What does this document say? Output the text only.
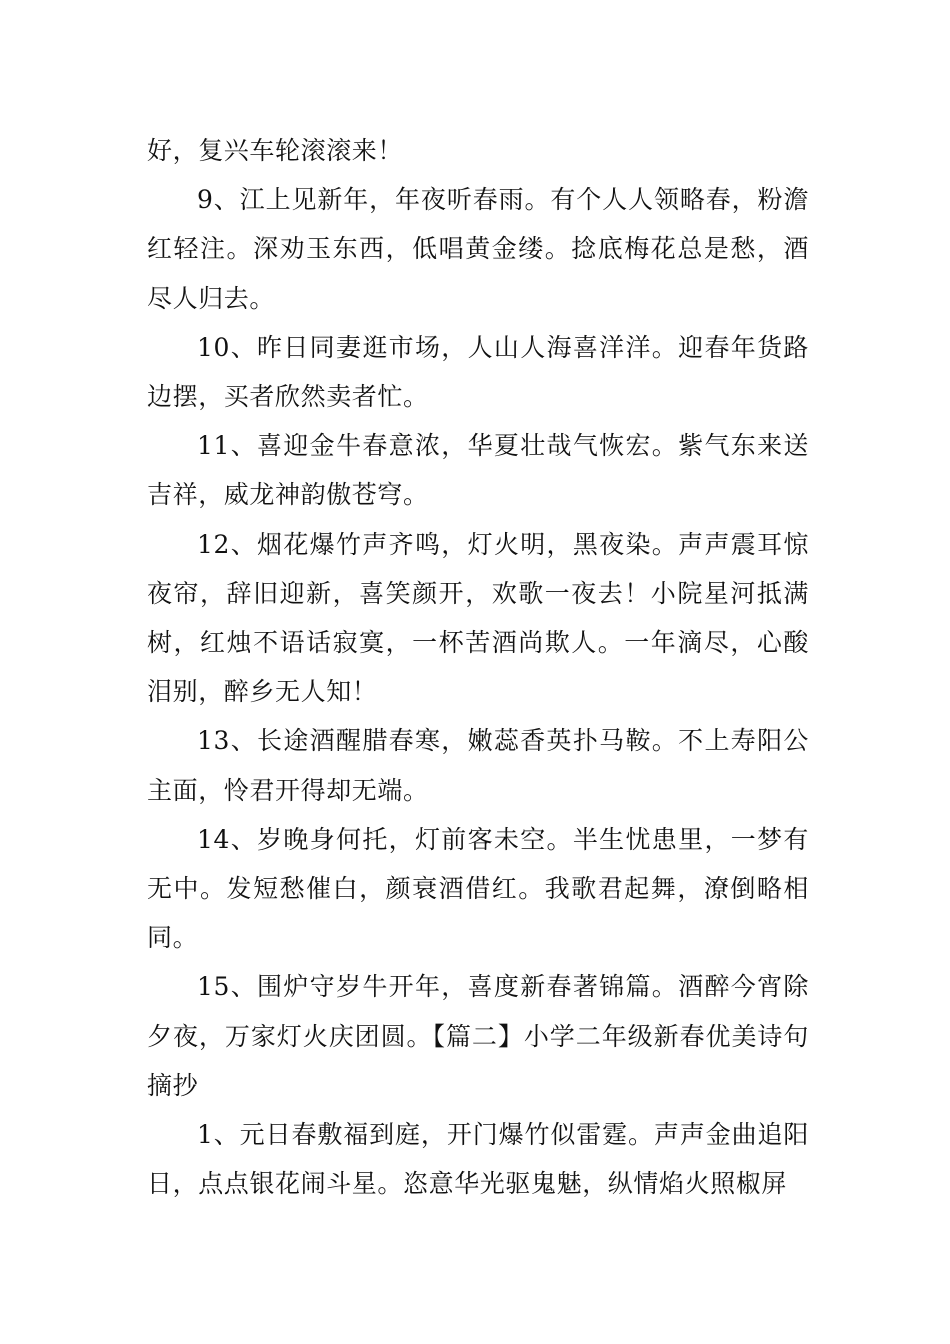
好，复兴车轮滚滚来！

9、江上见新年，年夜听春雨。有个人人领略春，粉澹红轻注。深劝玉东西，低唱黄金缕。捻底梅花总是愁，酒尽人归去。

10、昨日同妻逛市场，人山人海喜洋洋。迎春年货路边摆，买者欣然卖者忙。

11、喜迎金牛春意浓，华夏壮哉气恢宏。紫气东来送吉祥，威龙神韵傲苍穹。

12、烟花爆竹声齐鸣，灯火明，黑夜染。声声震耳惊夜帘，辞旧迎新，喜笑颜开，欢歌一夜去！小院星河抵满树，红烛不语话寂寞，一杯苦酒尚欺人。一年滴尽，心酸泪别，醉乡无人知！

13、长途酒醒腊春寒，嫩蕊香英扑马鞍。不上寿阳公主面，怜君开得却无端。

14、岁晚身何托，灯前客未空。半生忧患里，一梦有无中。发短愁催白，颜衰酒借红。我歌君起舞，潦倒略相同。

15、围炉守岁牛开年，喜度新春著锦篇。酒醉今宵除夕夜，万家灯火庆团圆。【篇二】小学二年级新春优美诗句摘抄

1、元日春敷福到庭，开门爆竹似雷霆。声声金曲追阳日，点点银花闹斗星。恣意华光驱鬼魅，纵情焰火照椒屏
